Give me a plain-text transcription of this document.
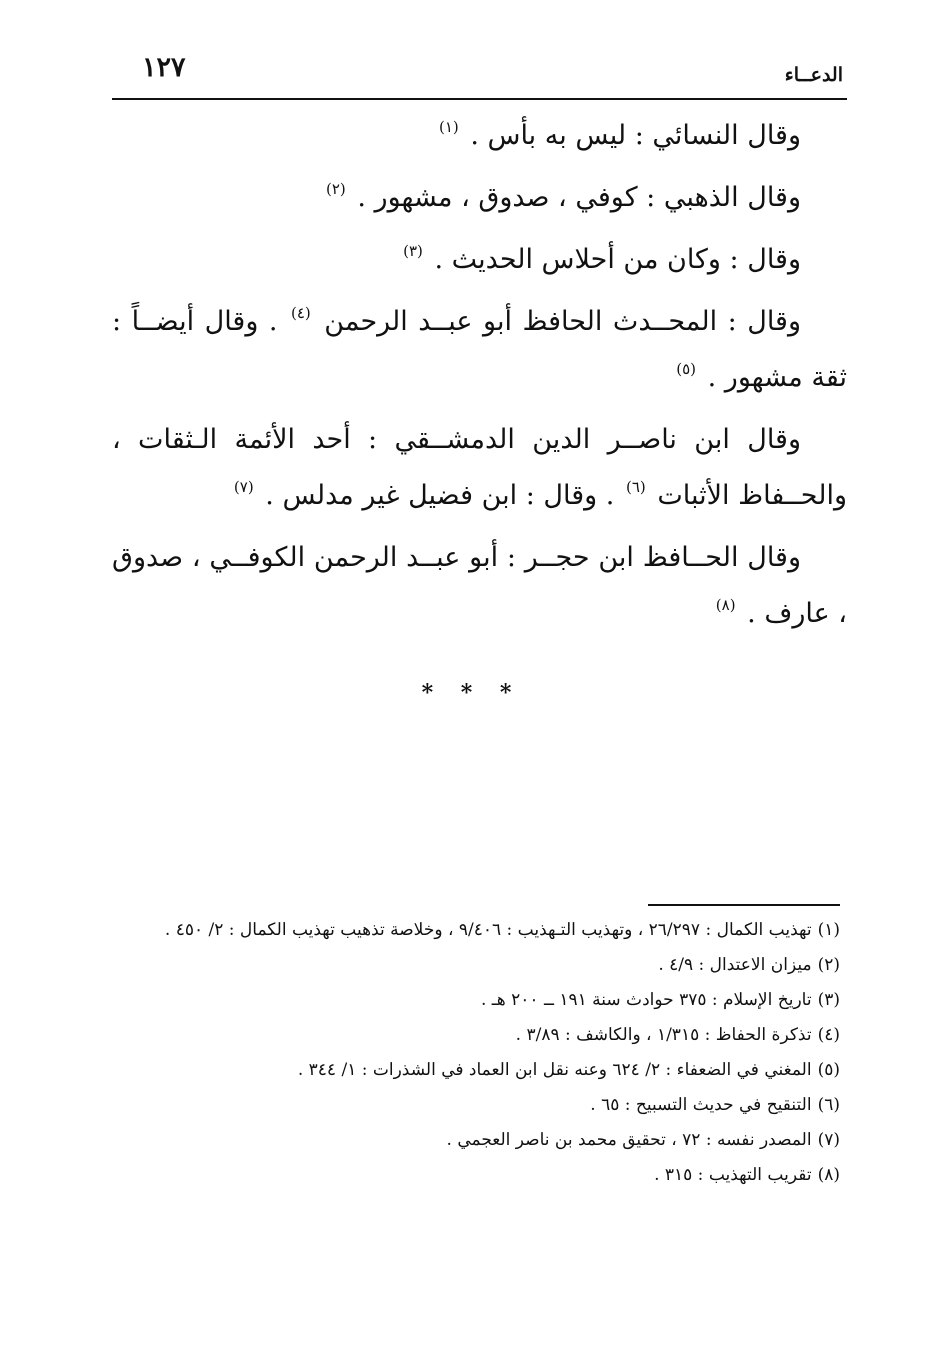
١٢٧	الدعــاء

وقال النسائي : ليس به بأس . $^{(١)}$

وقال الذهبي : كوفي ، صدوق ، مشهور . $^{(٢)}$

وقال : وكان من أحلاس الحديث . $^{(٣)}$

وقال : المحــدث الحافظ أبو عبــد الرحمن $^{(٤)}$ . وقال أيضــاً : ثقة مشهور . $^{(٥)}$

وقال ابن ناصــر الدين الدمشــقي : أحد الأئمة الـثقات ، والحــفاظ الأثبات $^{(٦)}$ . وقال : ابن فضيل غير مدلس . $^{(٧)}$

وقال الحــافظ ابن حجــر : أبو عبــد الرحمن الكوفــي ، صدوق ، عارف . $^{(٨)}$

* * *

(١)تهذيب الكمال : ٢٦/٢٩٧ ، وتهذيب التـهذيب : ٩/٤٠٦ ، وخلاصة تذهيب تهذيب الكمال : ٢/ ٤٥٠ .

(٢)ميزان الاعتدال : ٤/٩ .

(٣)تاريخ الإسلام : ٣٧٥ حوادث سنة ١٩١ ــ ٢٠٠ هـ .

(٤)تذكرة الحفاظ : ١/٣١٥ ، والكاشف : ٣/٨٩ .

(٥)المغني في الضعفاء : ٢/ ٦٢٤ وعنه نقل ابن العماد في الشذرات : ١/ ٣٤٤ .

(٦)التنقيح في حديث التسبيح : ٦٥ .

(٧)المصدر نفسه : ٧٢ ، تحقيق محمد بن ناصر العجمي .

(٨)تقريب التهذيب : ٣١٥ .
